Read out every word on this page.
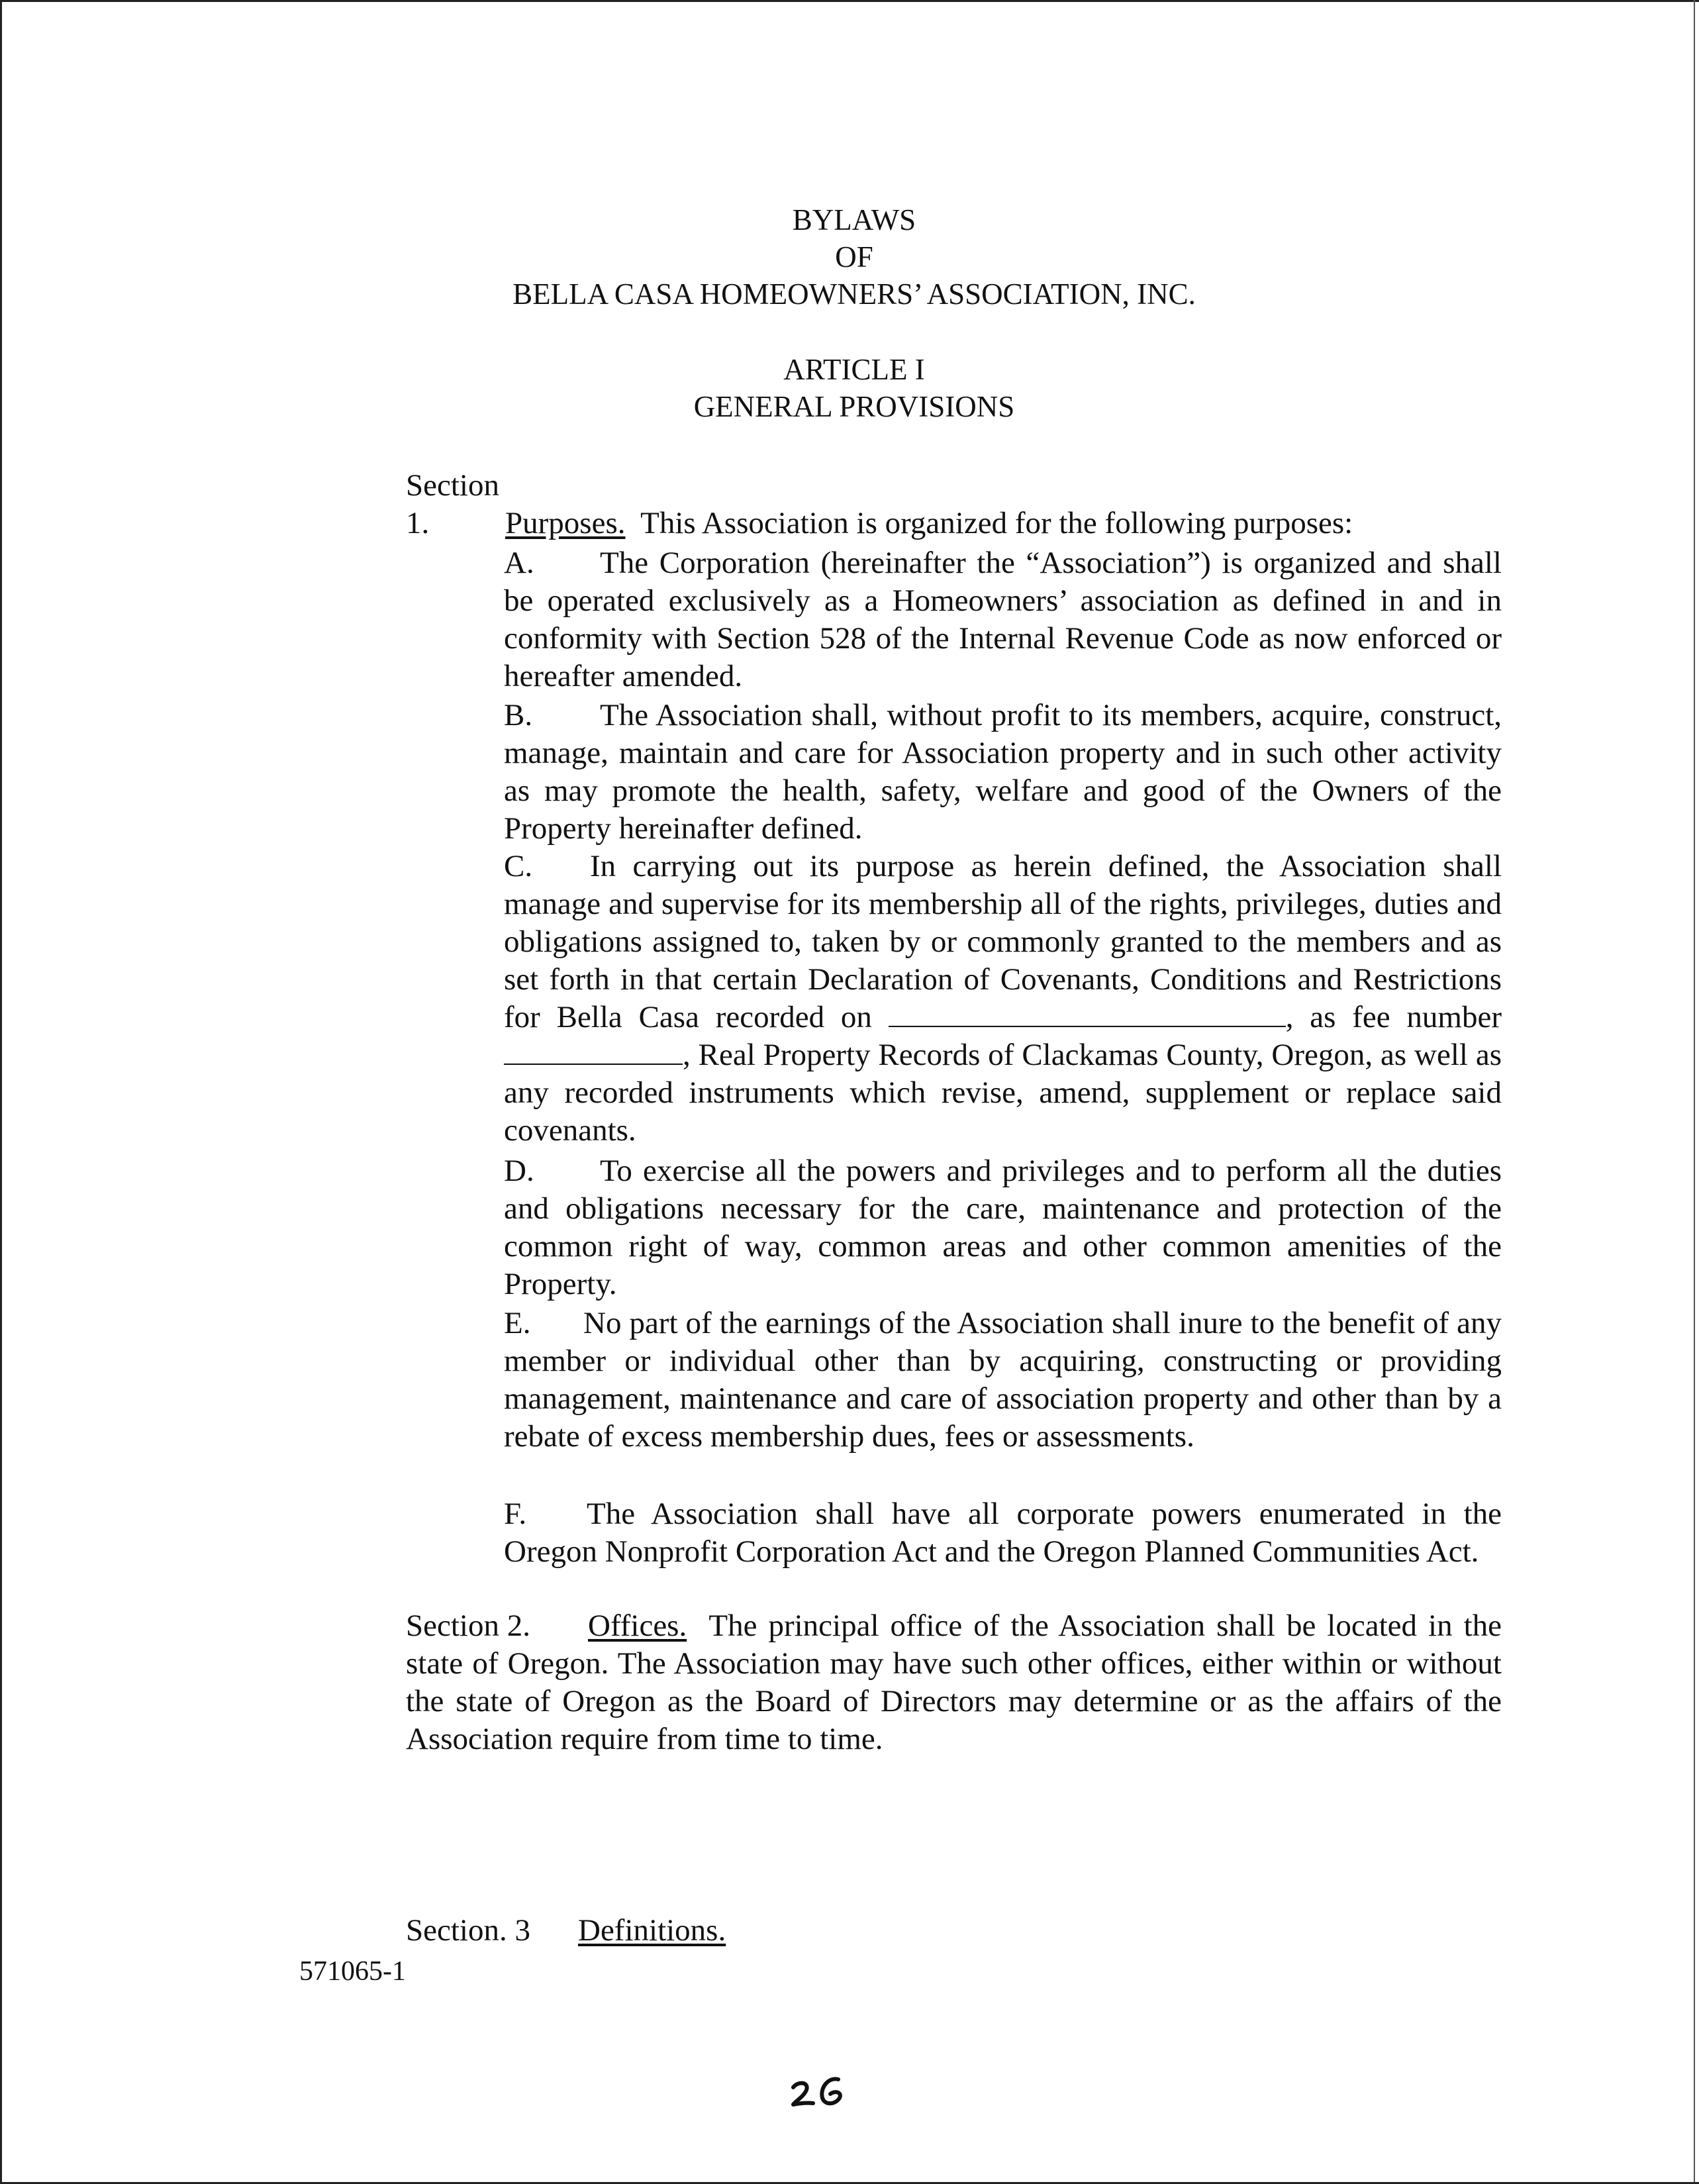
BYLAWS
OF
BELLA CASA HOMEOWNERS’ ASSOCIATION, INC.
ARTICLE I
GENERAL PROVISIONS

Section 1. Purposes. This Association is organized for the following purposes:

A. The Corporation (hereinafter the “Association”) is organized and shall be operated exclusively as a Homeowners’ association as defined in and in conformity with Section 528 of the Internal Revenue Code as now enforced or hereafter amended.

B. The Association shall, without profit to its members, acquire, construct, manage, maintain and care for Association property and in such other activity as may promote the health, safety, welfare and good of the Owners of the Property hereinafter defined.

C. In carrying out its purpose as herein defined, the Association shall manage and supervise for its membership all of the rights, privileges, duties and obligations assigned to, taken by or commonly granted to the members and as set forth in that certain Declaration of Covenants, Conditions and Restrictions for Bella Casa recorded on	, as fee number , Real Property Records of Clackamas County, Oregon, as well as any recorded instruments which revise, amend, supplement or replace said covenants.

D. To exercise all the powers and privileges and to perform all the duties and obligations necessary for the care, maintenance and protection of the common right of way, common areas and other common amenities of the Property.

E. No part of the earnings of the Association shall inure to the benefit of any member or individual other than by acquiring, constructing or providing management, maintenance and care of association property and other than by a rebate of excess membership dues, fees or assessments.

F. The Association shall have all corporate powers enumerated in the Oregon Nonprofit Corporation Act and the Oregon Planned Communities Act.

Section 2. Offices. The principal office of the Association shall be located in the state of Oregon. The Association may have such other offices, either within or without the state of Oregon as the Board of Directors may determine or as the affairs of the Association require from time to time.

Section. 3 Definitions.

571065-1
